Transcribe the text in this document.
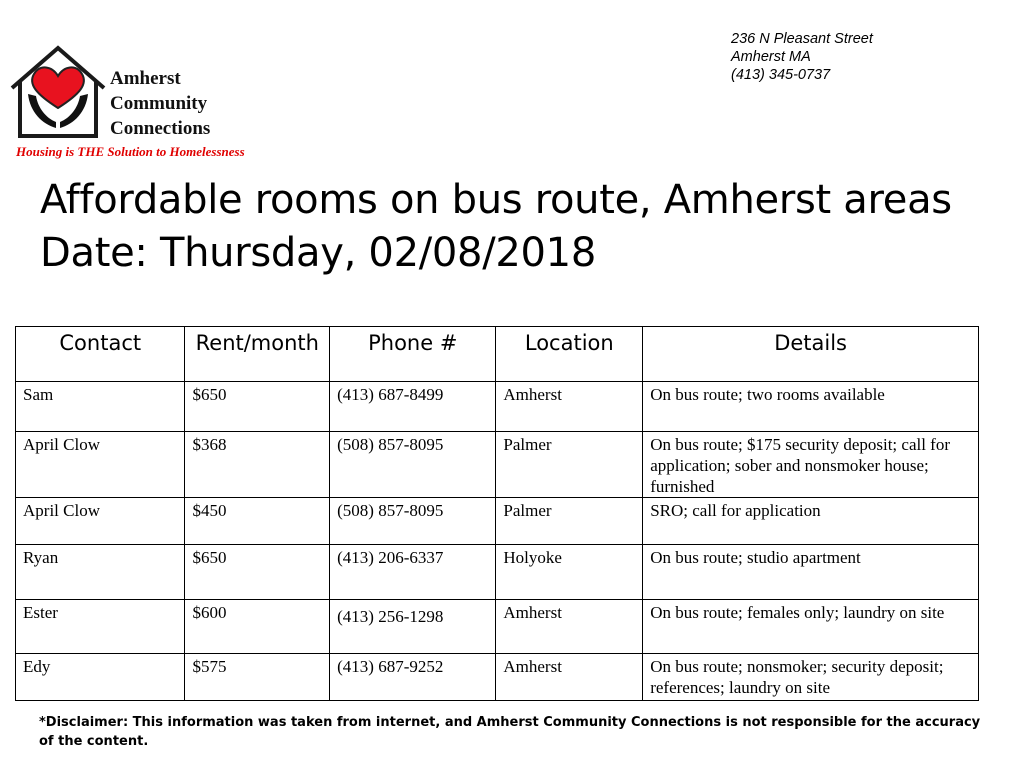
Amherst
Community
Connections
Housing is THE Solution to Homelessness
236 N Pleasant Street
Amherst MA
(413) 345-0737
Affordable rooms on bus route, Amherst areas
Date: Thursday, 02/08/2018
Contact	Rent/month	Phone #	Location	Details
Sam	$650	(413) 687-8499	Amherst	On bus route; two rooms available
April Clow	$368	(508) 857-8095	Palmer	On bus route; $175 security deposit; call for application; sober and nonsmoker house; furnished
April Clow	$450	(508) 857-8095	Palmer	SRO; call for application
Ryan	$650	(413) 206-6337	Holyoke	On bus route; studio apartment
Ester	$600	(413) 256-1298	Amherst	On bus route; females only; laundry on site
Edy	$575	(413) 687-9252	Amherst	On bus route; nonsmoker; security deposit; references; laundry on site
*Disclaimer: This information was taken from internet, and Amherst Community Connections is not responsible for the accuracy of the content.
